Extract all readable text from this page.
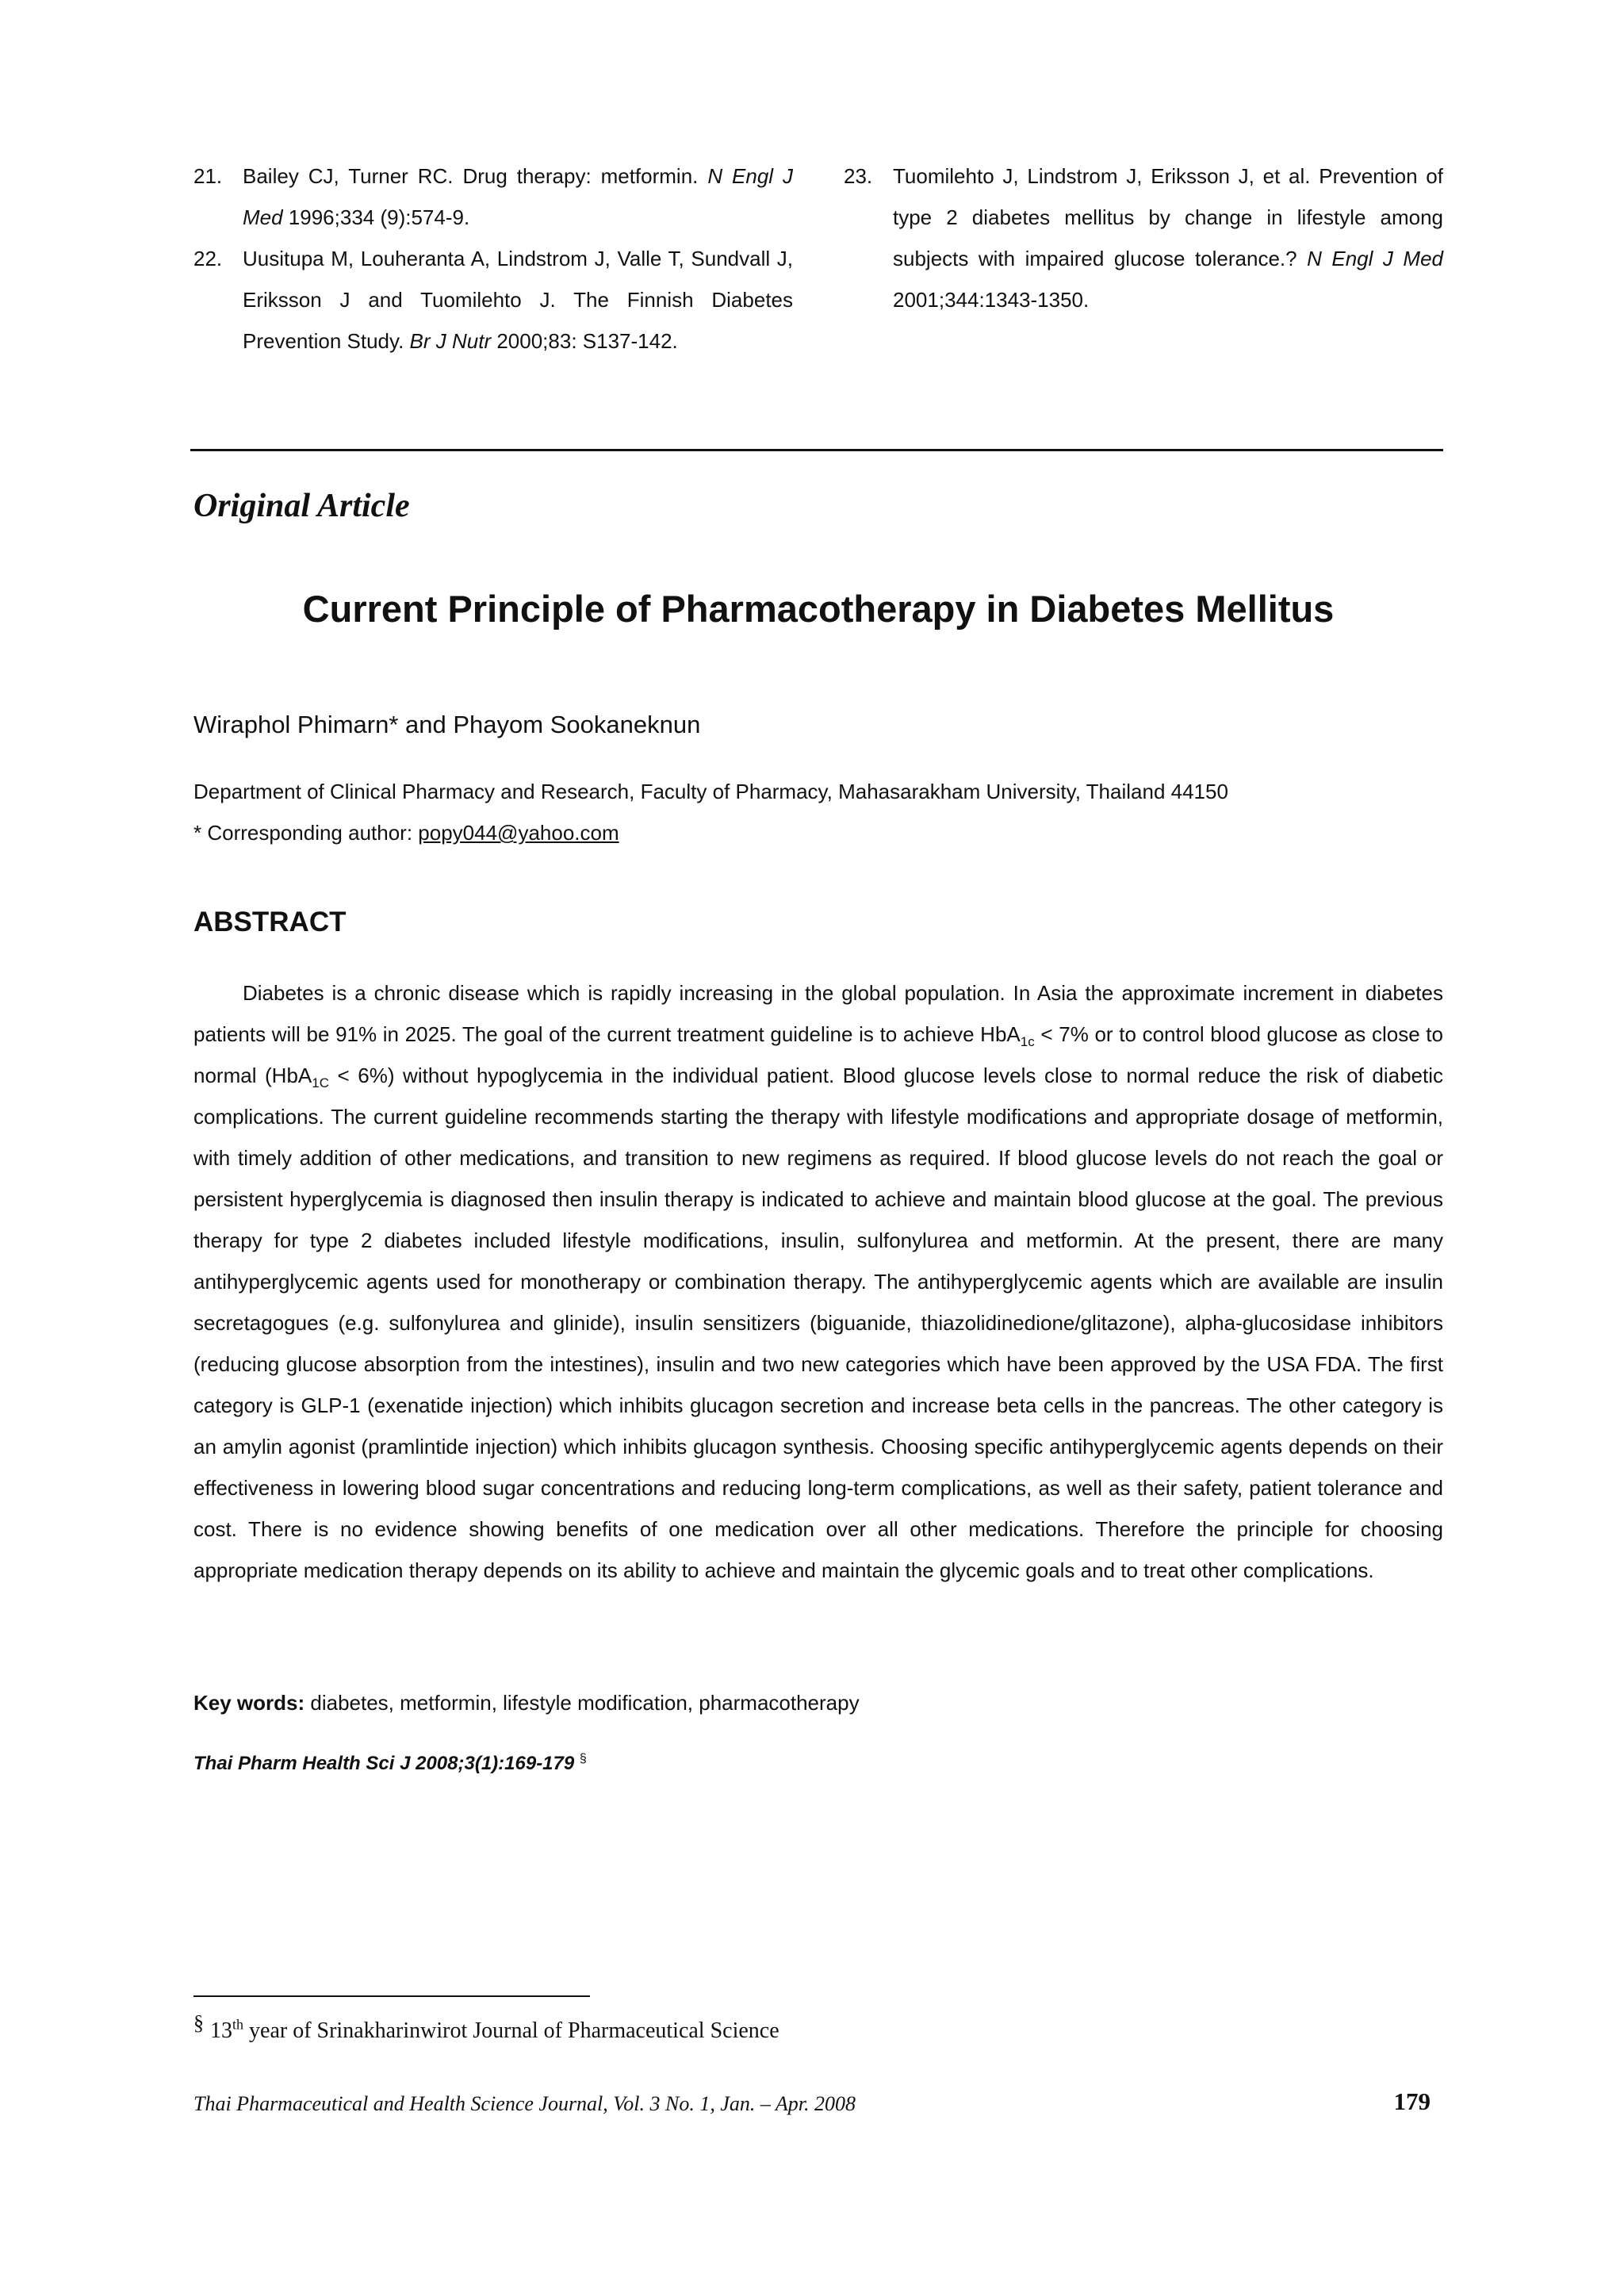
21. Bailey CJ, Turner RC. Drug therapy: metformin. N Engl J Med 1996;334 (9):574-9.
22. Uusitupa M, Louheranta A, Lindstrom J, Valle T, Sundvall J, Eriksson J and Tuomilehto J. The Finnish Diabetes Prevention Study. Br J Nutr 2000;83: S137-142.
23. Tuomilehto J, Lindstrom J, Eriksson J, et al. Prevention of type 2 diabetes mellitus by change in lifestyle among subjects with impaired glucose tolerance.? N Engl J Med 2001;344:1343-1350.
Original Article
Current Principle of Pharmacotherapy in Diabetes Mellitus
Wiraphol Phimarn* and Phayom Sookaneknun
Department of Clinical Pharmacy and Research, Faculty of Pharmacy, Mahasarakham University, Thailand 44150
* Corresponding author: popy044@yahoo.com
ABSTRACT

Diabetes is a chronic disease which is rapidly increasing in the global population. In Asia the approximate increment in diabetes patients will be 91% in 2025. The goal of the current treatment guideline is to achieve HbA$_{1c}$ < 7% or to control blood glucose as close to normal (HbA$_{1C}$ < 6%) without hypoglycemia in the individual patient. Blood glucose levels close to normal reduce the risk of diabetic complications. The current guideline recommends starting the therapy with lifestyle modifications and appropriate dosage of metformin, with timely addition of other medications, and transition to new regimens as required. If blood glucose levels do not reach the goal or persistent hyperglycemia is diagnosed then insulin therapy is indicated to achieve and maintain blood glucose at the goal. The previous therapy for type 2 diabetes included lifestyle modifications, insulin, sulfonylurea and metformin. At the present, there are many antihyperglycemic agents used for monotherapy or combination therapy. The antihyperglycemic agents which are available are insulin secretagogues (e.g. sulfonylurea and glinide), insulin sensitizers (biguanide, thiazolidinedione/glitazone), alpha-glucosidase inhibitors (reducing glucose absorption from the intestines), insulin and two new categories which have been approved by the USA FDA. The first category is GLP-1 (exenatide injection) which inhibits glucagon secretion and increase beta cells in the pancreas. The other category is an amylin agonist (pramlintide injection) which inhibits glucagon synthesis. Choosing specific antihyperglycemic agents depends on their effectiveness in lowering blood sugar concentrations and reducing long-term complications, as well as their safety, patient tolerance and cost. There is no evidence showing benefits of one medication over all other medications. Therefore the principle for choosing appropriate medication therapy depends on its ability to achieve and maintain the glycemic goals and to treat other complications.

Key words: diabetes, metformin, lifestyle modification, pharmacotherapy
Thai Pharm Health Sci J 2008;3(1):169-179 §
§ 13th year of Srinakharinwirot Journal of Pharmaceutical Science
Thai Pharmaceutical and Health Science Journal, Vol. 3 No. 1, Jan. – Apr. 2008	179
